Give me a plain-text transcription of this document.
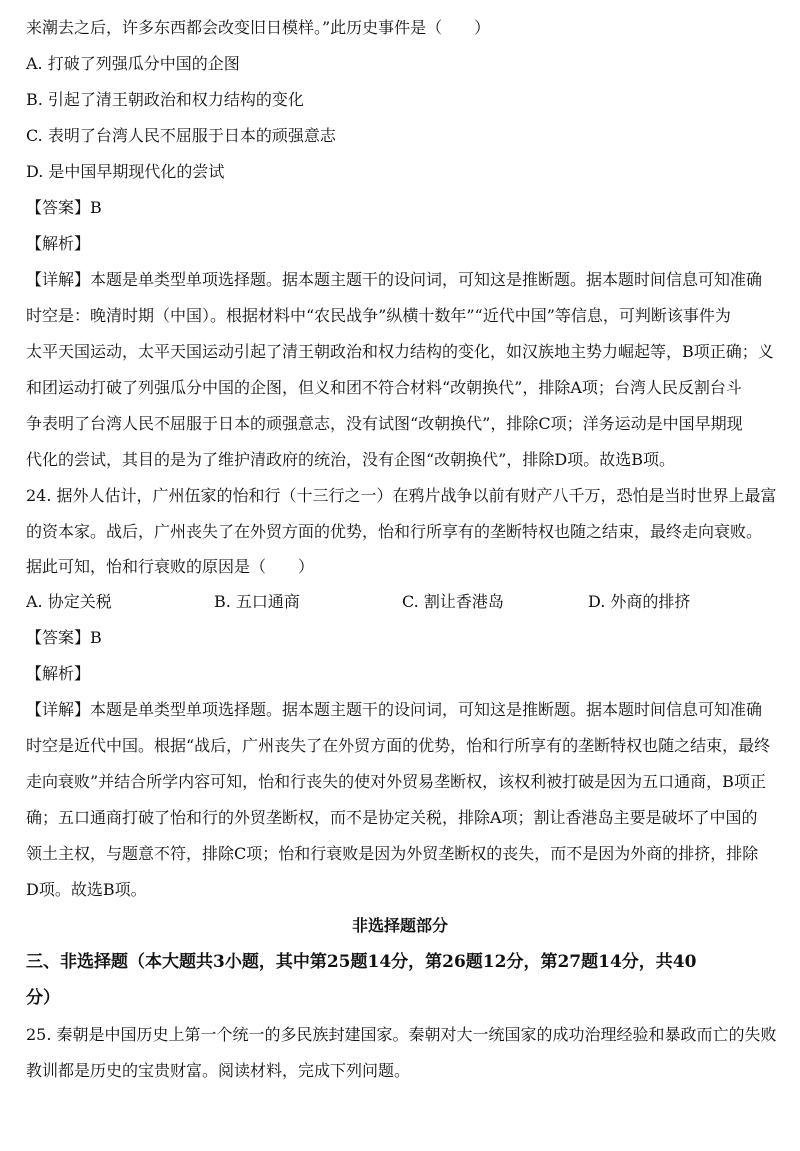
来潮去之后，许多东西都会改变旧日模样。”此历史事件是（　　）
A. 打破了列强瓜分中国的企图
B. 引起了清王朝政治和权力结构的变化
C. 表明了台湾人民不屈服于日本的顽强意志
D. 是中国早期现代化的尝试
【答案】B
【解析】
【详解】本题是单类型单项选择题。据本题主题干的设问词，可知这是推断题。据本题时间信息可知准确
时空是：晚清时期（中国）。根据材料中“农民战争”纵横十数年”“近代中国”等信息，可判断该事件为
太平天国运动，太平天国运动引起了清王朝政治和权力结构的变化，如汉族地主势力崛起等，B项正确；义
和团运动打破了列强瓜分中国的企图，但义和团不符合材料“改朝换代”，排除A项；台湾人民反割台斗
争表明了台湾人民不屈服于日本的顽强意志，没有试图“改朝换代”，排除C项；洋务运动是中国早期现
代化的尝试，其目的是为了维护清政府的统治，没有企图“改朝换代”，排除D项。故选B项。
24. 据外人估计，广州伍家的怡和行（十三行之一）在鸦片战争以前有财产八千万，恐怕是当时世界上最富
的资本家。战后，广州丧失了在外贸方面的优势，怡和行所享有的垄断特权也随之结束，最终走向衰败。
据此可知，怡和行衰败的原因是（　　）
A. 协定关税	B. 五口通商	C. 割让香港岛	D. 外商的排挤
【答案】B
【解析】
【详解】本题是单类型单项选择题。据本题主题干的设问词，可知这是推断题。据本题时间信息可知准确
时空是近代中国。根据“战后，广州丧失了在外贸方面的优势，怡和行所享有的垄断特权也随之结束，最终
走向衰败”并结合所学内容可知，怡和行丧失的使对外贸易垄断权，该权利被打破是因为五口通商，B项正
确；五口通商打破了怡和行的外贸垄断权，而不是协定关税，排除A项；割让香港岛主要是破坏了中国的
领土主权，与题意不符，排除C项；怡和行衰败是因为外贸垄断权的丧失，而不是因为外商的排挤，排除
D项。故选B项。
非选择题部分
三、非选择题（本大题共3小题，其中第25题14分，第26题12分，第27题14分，共40
分）
25. 秦朝是中国历史上第一个统一的多民族封建国家。秦朝对大一统国家的成功治理经验和暴政而亡的失败
教训都是历史的宝贵财富。阅读材料，完成下列问题。
